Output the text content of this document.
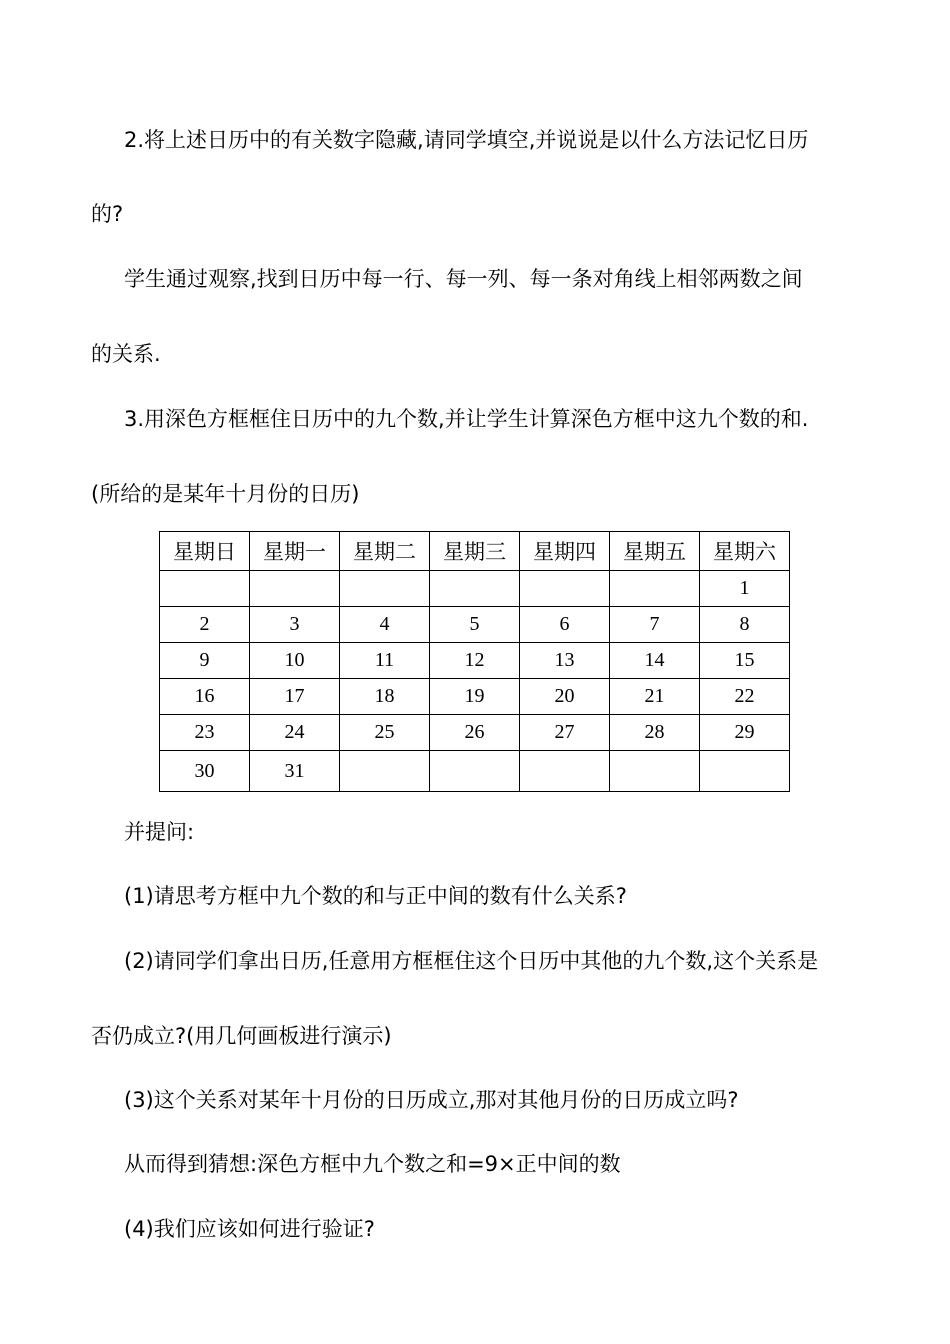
2.将上述日历中的有关数字隐藏,请同学填空,并说说是以什么方法记忆日历

的?

学生通过观察,找到日历中每一行、每一列、每一条对角线上相邻两数之间

的关系.

3.用深色方框框住日历中的九个数,并让学生计算深色方框中这九个数的和.

(所给的是某年十月份的日历)

星期日	星期一	星期二	星期三	星期四	星期五	星期六
						1
2	3	4	5	6	7	8
9	10	11	12	13	14	15
16	17	18	19	20	21	22
23	24	25	26	27	28	29
30	31					

并提问:

(1)请思考方框中九个数的和与正中间的数有什么关系?

(2)请同学们拿出日历,任意用方框框住这个日历中其他的九个数,这个关系是

否仍成立?(用几何画板进行演示)

(3)这个关系对某年十月份的日历成立,那对其他月份的日历成立吗?

从而得到猜想:深色方框中九个数之和=9×正中间的数

(4)我们应该如何进行验证?
